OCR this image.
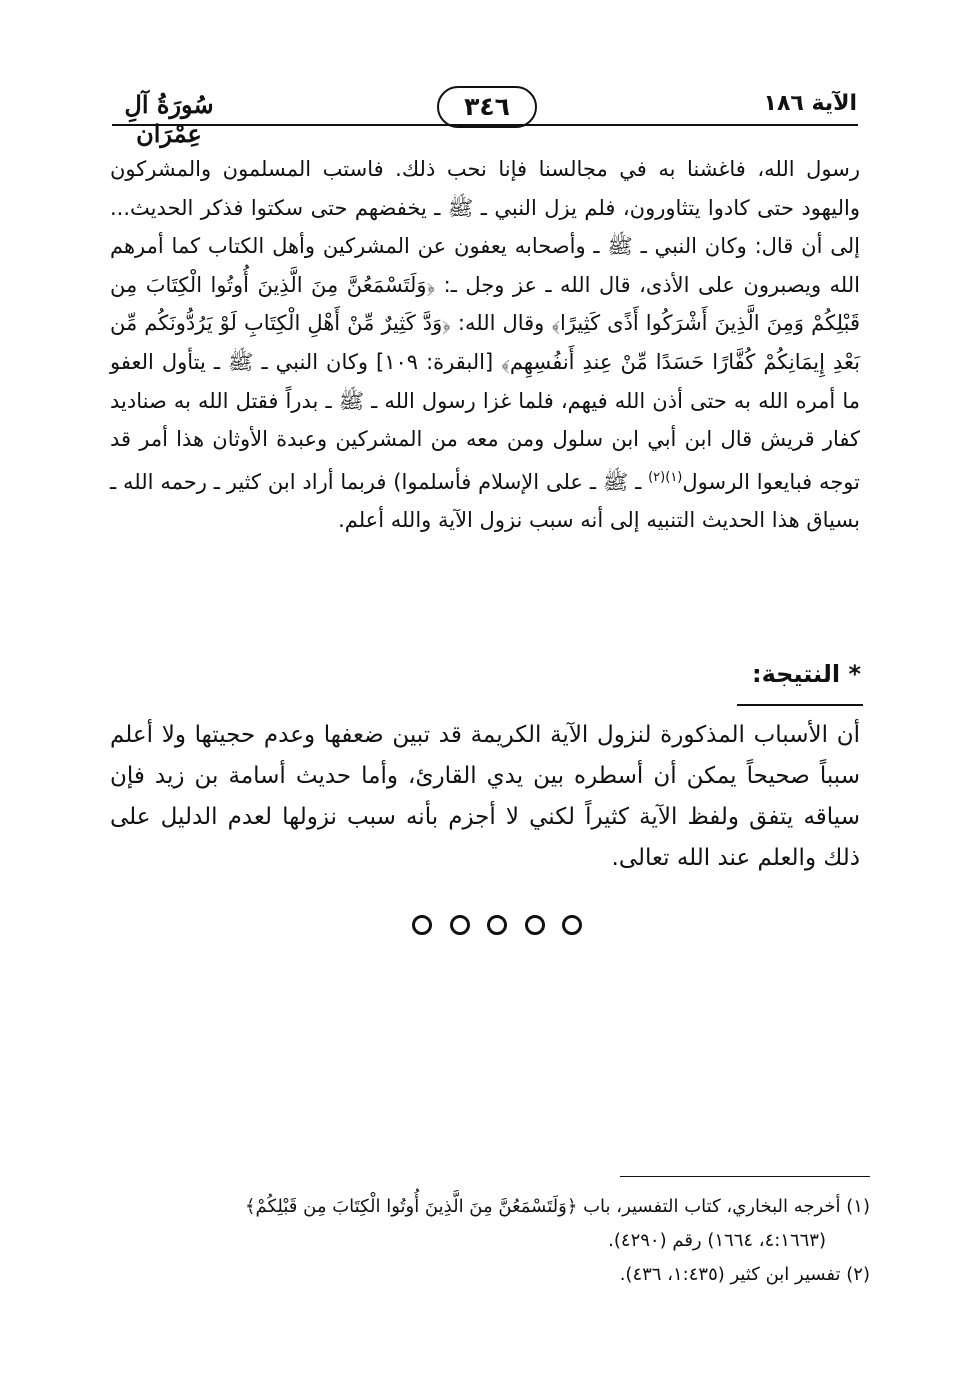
سُورَةُ آلِ عِمْرَان
٣٤٦	الآية ١٨٦
رسول الله، فاغشنا به في مجالسنا فإنا نحب ذلك. فاستب المسلمون والمشركون واليهود حتى كادوا يتثاورون، فلم يزل النبي ـ ﷺ ـ يخفضهم حتى سكتوا فذكر الحديث... إلى أن قال: وكان النبي ـ ﷺ ـ وأصحابه يعفون عن المشركين وأهل الكتاب كما أمرهم الله ويصبرون على الأذى، قال الله ـ عز وجل ـ: ﴿وَلَتَسْمَعُنَّ مِنَ الَّذِينَ أُوتُوا الْكِتَابَ مِن قَبْلِكُمْ وَمِنَ الَّذِينَ أَشْرَكُوا أَذًى كَثِيرًا﴾ وقال الله: ﴿وَدَّ كَثِيرٌ مِّنْ أَهْلِ الْكِتَابِ لَوْ يَرُدُّونَكُم مِّن بَعْدِ إِيمَانِكُمْ كُفَّارًا حَسَدًا مِّنْ عِندِ أَنفُسِهِم﴾ [البقرة: ١٠٩] وكان النبي ـ ﷺ ـ يتأول العفو ما أمره الله به حتى أذن الله فيهم، فلما غزا رسول الله ـ ﷺ ـ بدراً فقتل الله به صناديد كفار قريش قال ابن أبي ابن سلول ومن معه من المشركين وعبدة الأوثان هذا أمر قد توجه فبايعوا الرسول$^{(١)(٢)}$ ـ ﷺ ـ على الإسلام فأسلموا) فربما أراد ابن كثير ـ رحمه الله ـ بسياق هذا الحديث التنبيه إلى أنه سبب نزول الآية والله أعلم.
* النتيجة:
أن الأسباب المذكورة لنزول الآية الكريمة قد تبين ضعفها وعدم حجيتها ولا أعلم سبباً صحيحاً يمكن أن أسطره بين يدي القارئ، وأما حديث أسامة بن زيد فإن سياقه يتفق ولفظ الآية كثيراً لكني لا أجزم بأنه سبب نزولها لعدم الدليل على ذلك والعلم عند الله تعالى.

(١) أخرجه البخاري، كتاب التفسير، باب ﴿وَلَتَسْمَعُنَّ مِنَ الَّذِينَ أُوتُوا الْكِتَابَ مِن قَبْلِكُمْ﴾

(٤:١٦٦٣، ١٦٦٤) رقم (٤٢٩٠).

(٢) تفسير ابن كثير (١:٤٣٥، ٤٣٦).
